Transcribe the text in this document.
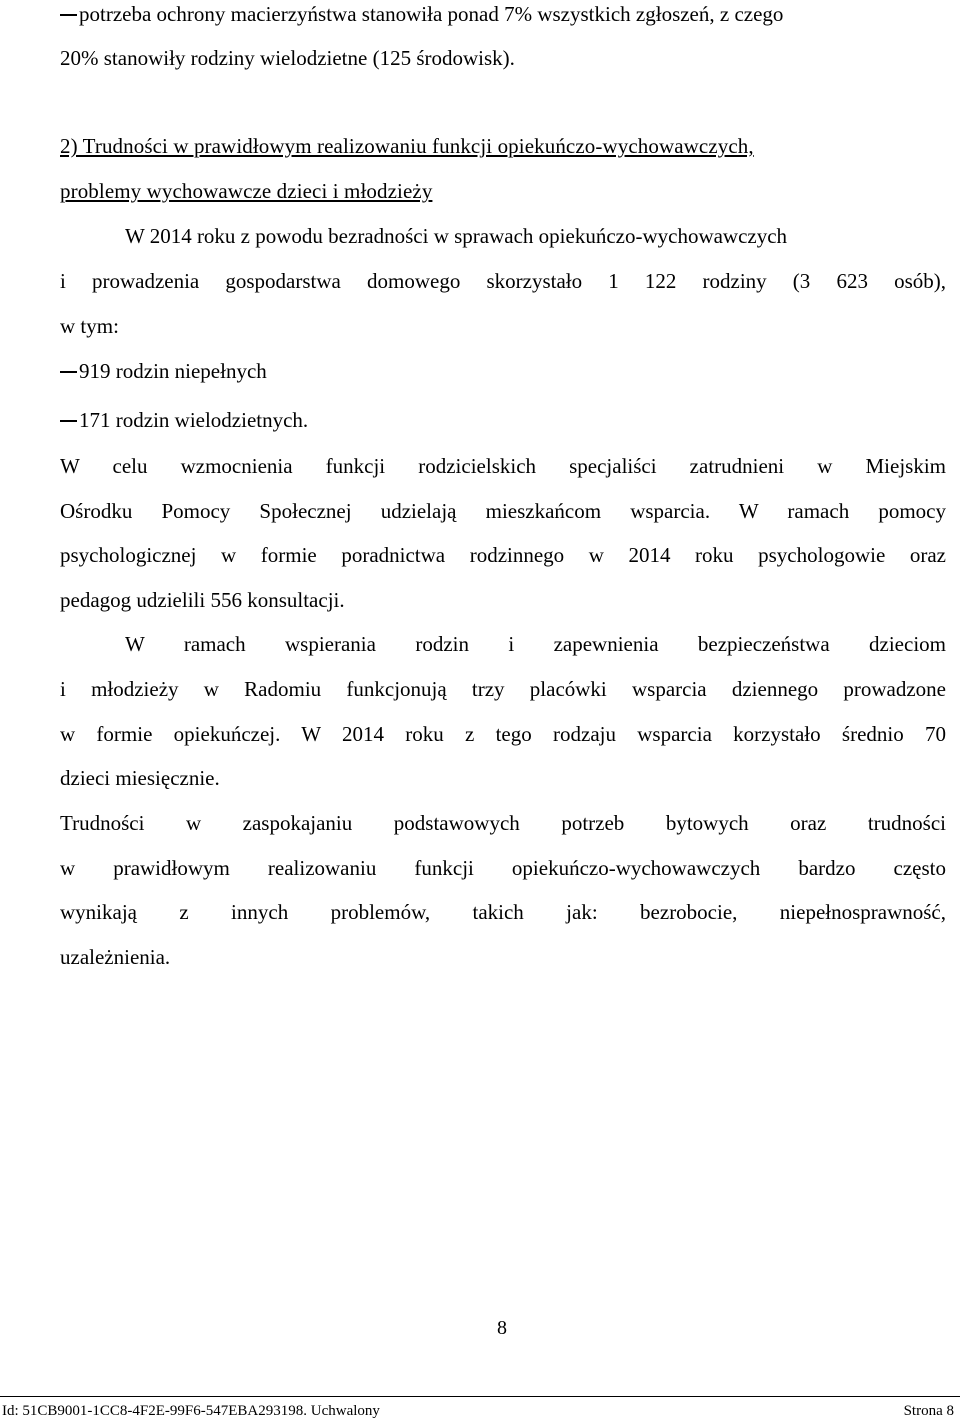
potrzeba ochrony macierzyństwa stanowiła ponad 7% wszystkich zgłoszeń, z czego
20% stanowiły rodziny wielodzietne (125 środowisk).
2) Trudności w prawidłowym realizowaniu funkcji opiekuńczo-wychowawczych,
problemy wychowawcze dzieci i młodzieży
W 2014 roku z powodu bezradności w sprawach opiekuńczo-wychowawczych
i prowadzenia gospodarstwa domowego skorzystało 1 122 rodziny (3 623 osób),
w tym:
919 rodzin niepełnych
171 rodzin wielodzietnych.
W celu wzmocnienia funkcji rodzicielskich specjaliści zatrudnieni w Miejskim
Ośrodku Pomocy Społecznej udzielają mieszkańcom wsparcia. W ramach pomocy
psychologicznej w formie poradnictwa rodzinnego w 2014 roku psychologowie oraz
pedagog udzielili 556 konsultacji.
W ramach wspierania rodzin i zapewnienia bezpieczeństwa dzieciom
i młodzieży w Radomiu funkcjonują trzy placówki wsparcia dziennego prowadzone
w formie opiekuńczej. W 2014 roku z tego rodzaju wsparcia korzystało średnio 70
dzieci miesięcznie.
Trudności w zaspokajaniu podstawowych potrzeb bytowych oraz trudności
w prawidłowym realizowaniu funkcji opiekuńczo-wychowawczych bardzo często
wynikają z innych problemów, takich jak: bezrobocie, niepełnosprawność,
uzależnienia.
8
Id: 51CB9001-1CC8-4F2E-99F6-547EBA293198. Uchwalony	Strona 8
